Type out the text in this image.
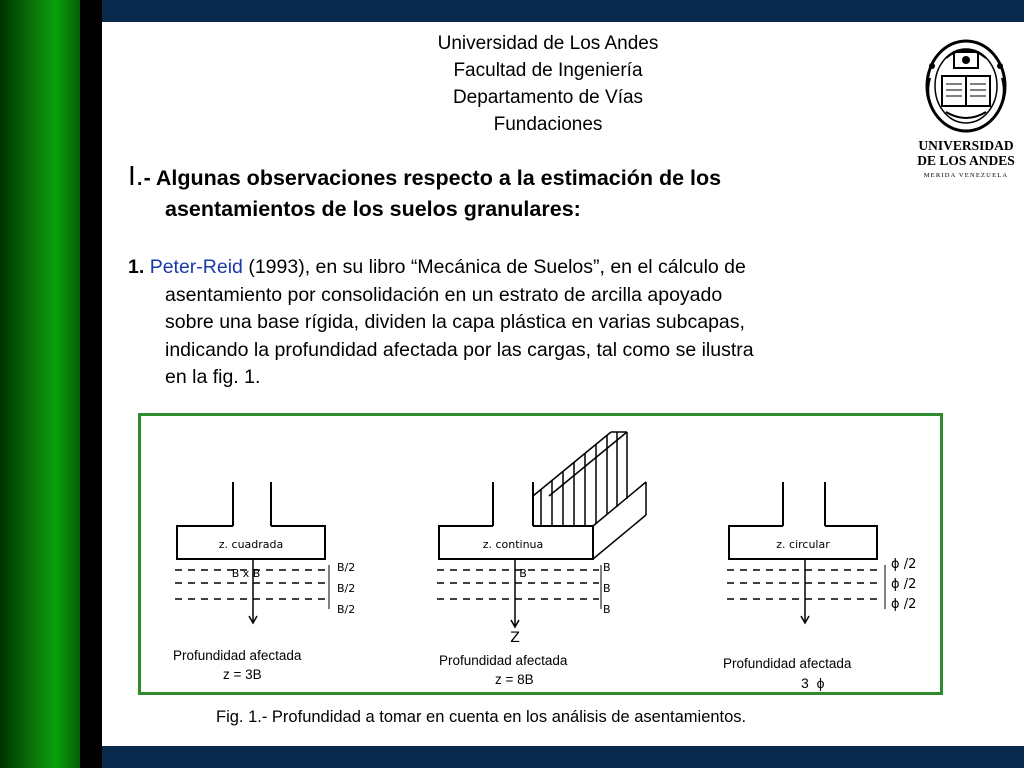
Universidad de Los Andes
Facultad de Ingeniería
Departamento de Vías
Fundaciones
UNIVERSIDAD
DE LOS ANDES
MERIDA VENEZUELA
I.- Algunas observaciones respecto a la estimación de los
asentamientos de los suelos granulares:
1. Peter-Reid (1993), en su libro “Mecánica de Suelos”, en el cálculo de
asentamiento por consolidación en un estrato de arcilla apoyado
sobre una base rígida, dividen la capa plástica en varias subcapas,
indicando la profundidad afectada por las cargas, tal como se ilustra
en la fig. 1.
z. cuadrada
B x B	B/2
B/2
B/2
Profundidad afectada
z = 3B
z. continua
B	B
B
B
Z
Profundidad afectada
z = 8B
z. circular
ϕ /2
ϕ /2
ϕ /2
Profundidad afectada
3  ϕ
Fig. 1.- Profundidad a tomar en cuenta en los análisis de asentamientos.
